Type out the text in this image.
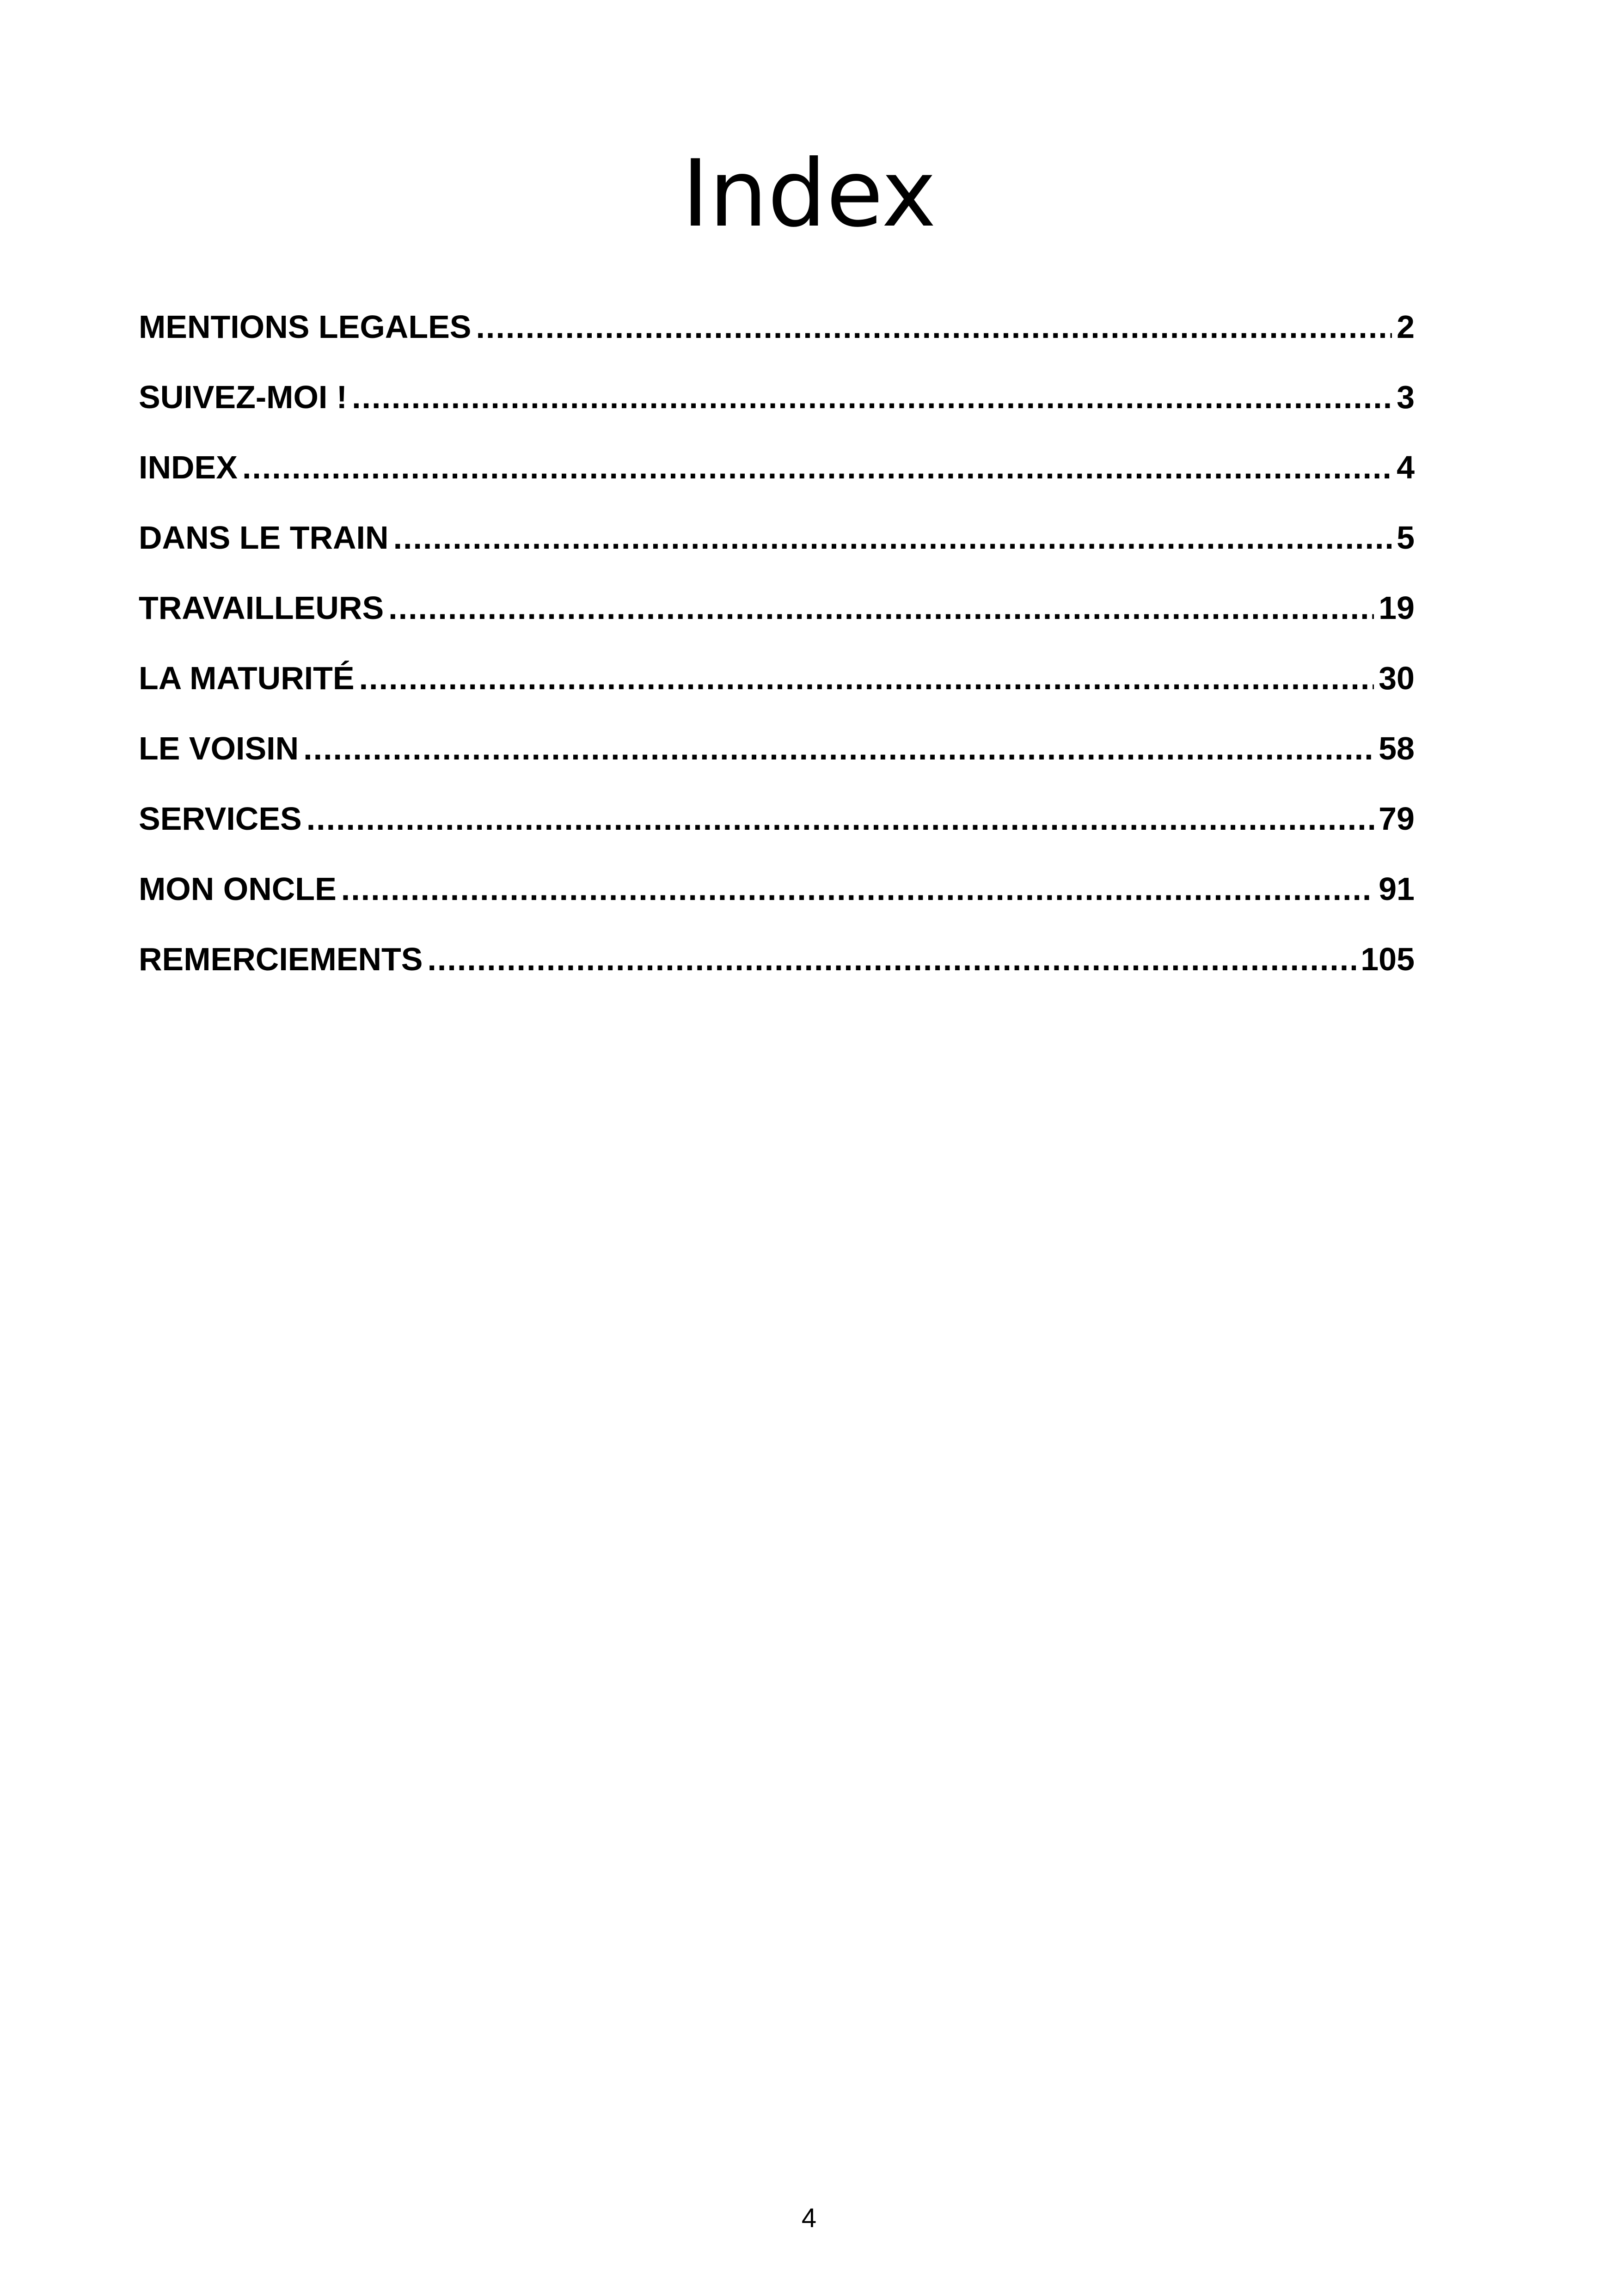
Index
MENTIONS LEGALES .....	2
SUIVEZ-MOI ! .....	3
INDEX .....	4
DANS LE TRAIN .....	5
TRAVAILLEURS .....	19
LA MATURITÉ .....	30
LE VOISIN .....	58
SERVICES .....	79
MON ONCLE .....	91
REMERCIEMENTS .....	105
4
